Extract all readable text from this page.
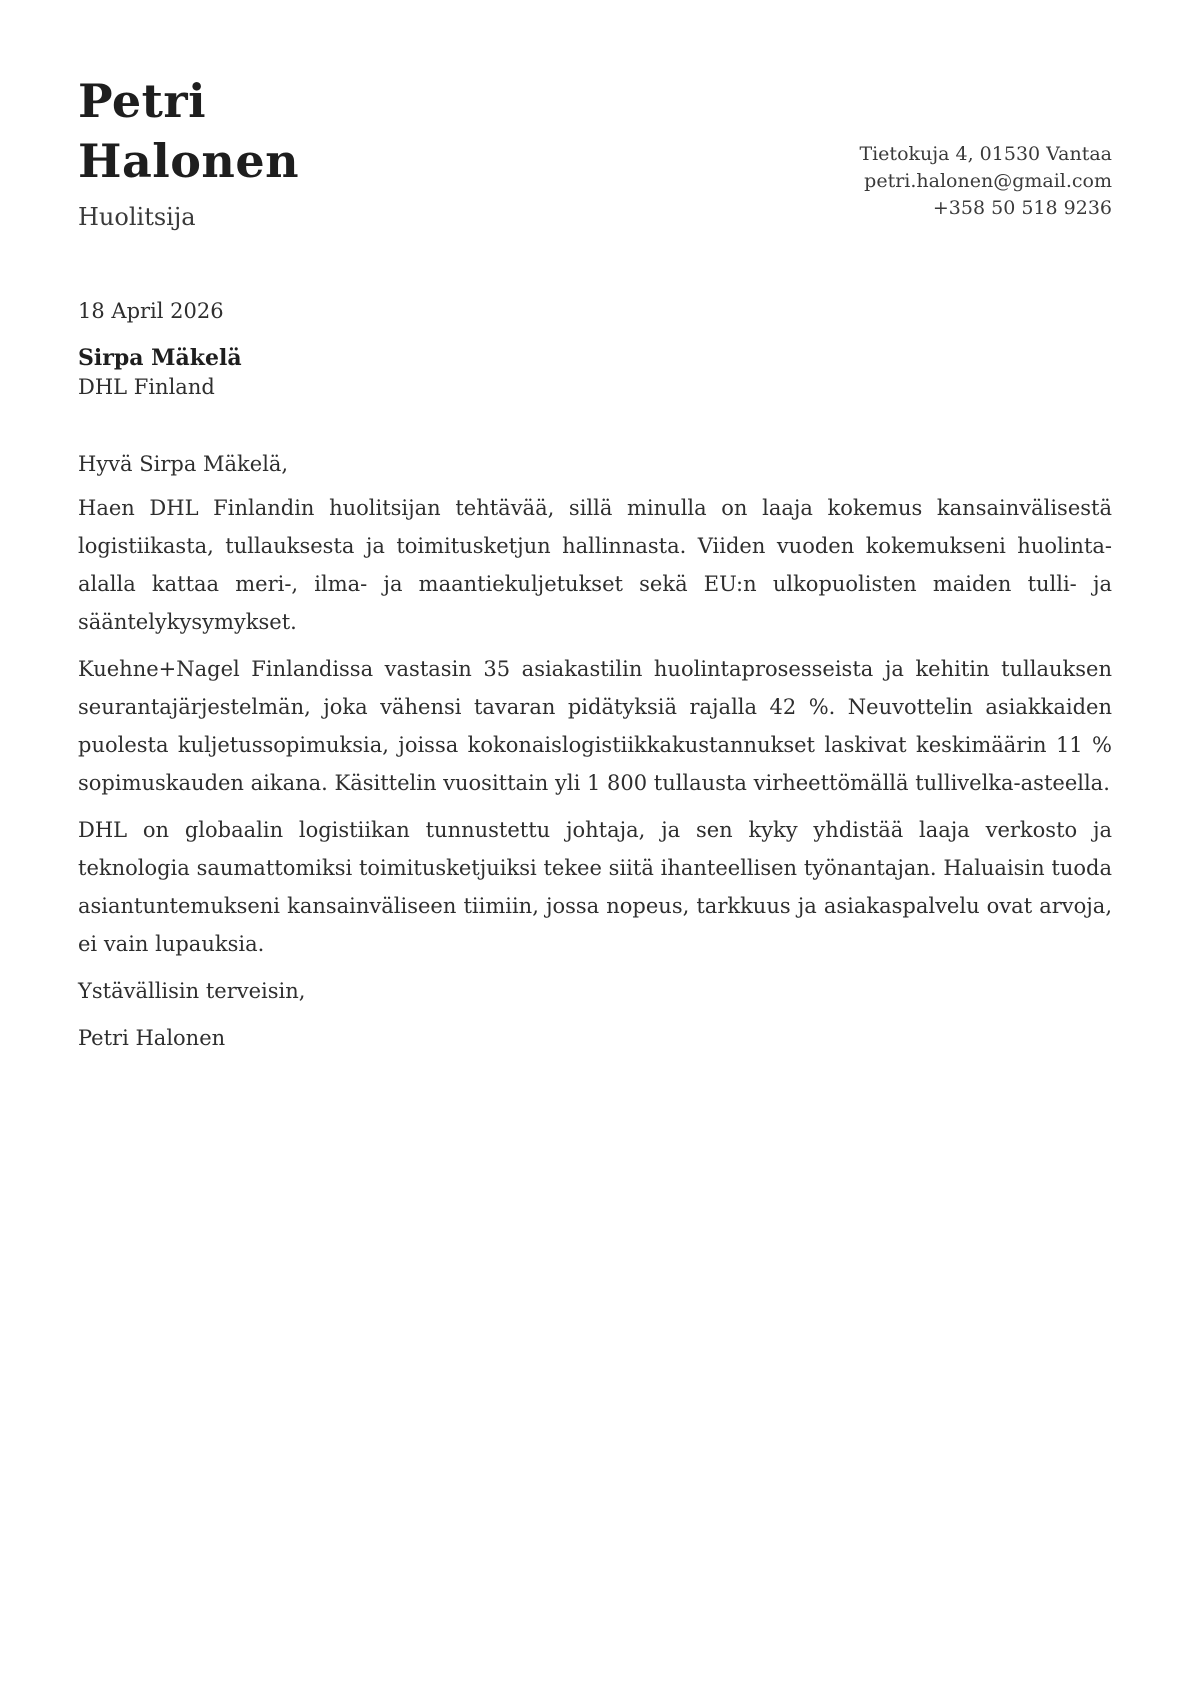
Petri Halonen
Huolitsija
Tietokuja 4, 01530 Vantaa
petri.halonen@gmail.com
+358 50 518 9236
18 April 2026
Sirpa Mäkelä
DHL Finland

Hyvä Sirpa Mäkelä,

Haen DHL Finlandin huolitsijan tehtävää, sillä minulla on laaja kokemus kansainvälisestä logistiikasta, tullauksesta ja toimitusketjun hallinnasta. Viiden vuoden kokemukseni huolinta-alalla kattaa meri-, ilma- ja maantiekuljetukset sekä EU:n ulkopuolisten maiden tulli- ja sääntelykysymykset.

Kuehne+Nagel Finlandissa vastasin 35 asiakastilin huolintaprosesseista ja kehitin tullauksen seurantajärjestelmän, joka vähensi tavaran pidätyksiä rajalla 42 %. Neuvottelin asiakkaiden puolesta kuljetussopimuksia, joissa kokonaislogistiikkakustannukset laskivat keskimäärin 11 % sopimuskauden aikana. Käsittelin vuosittain yli 1 800 tullausta virheettömällä tullivelka-asteella.

DHL on globaalin logistiikan tunnustettu johtaja, ja sen kyky yhdistää laaja verkosto ja teknologia saumattomiksi toimitusketjuiksi tekee siitä ihanteellisen työnantajan. Haluaisin tuoda asiantuntemukseni kansainväliseen tiimiin, jossa nopeus, tarkkuus ja asiakaspalvelu ovat arvoja, ei vain lupauksia.

Ystävällisin terveisin,

Petri Halonen
